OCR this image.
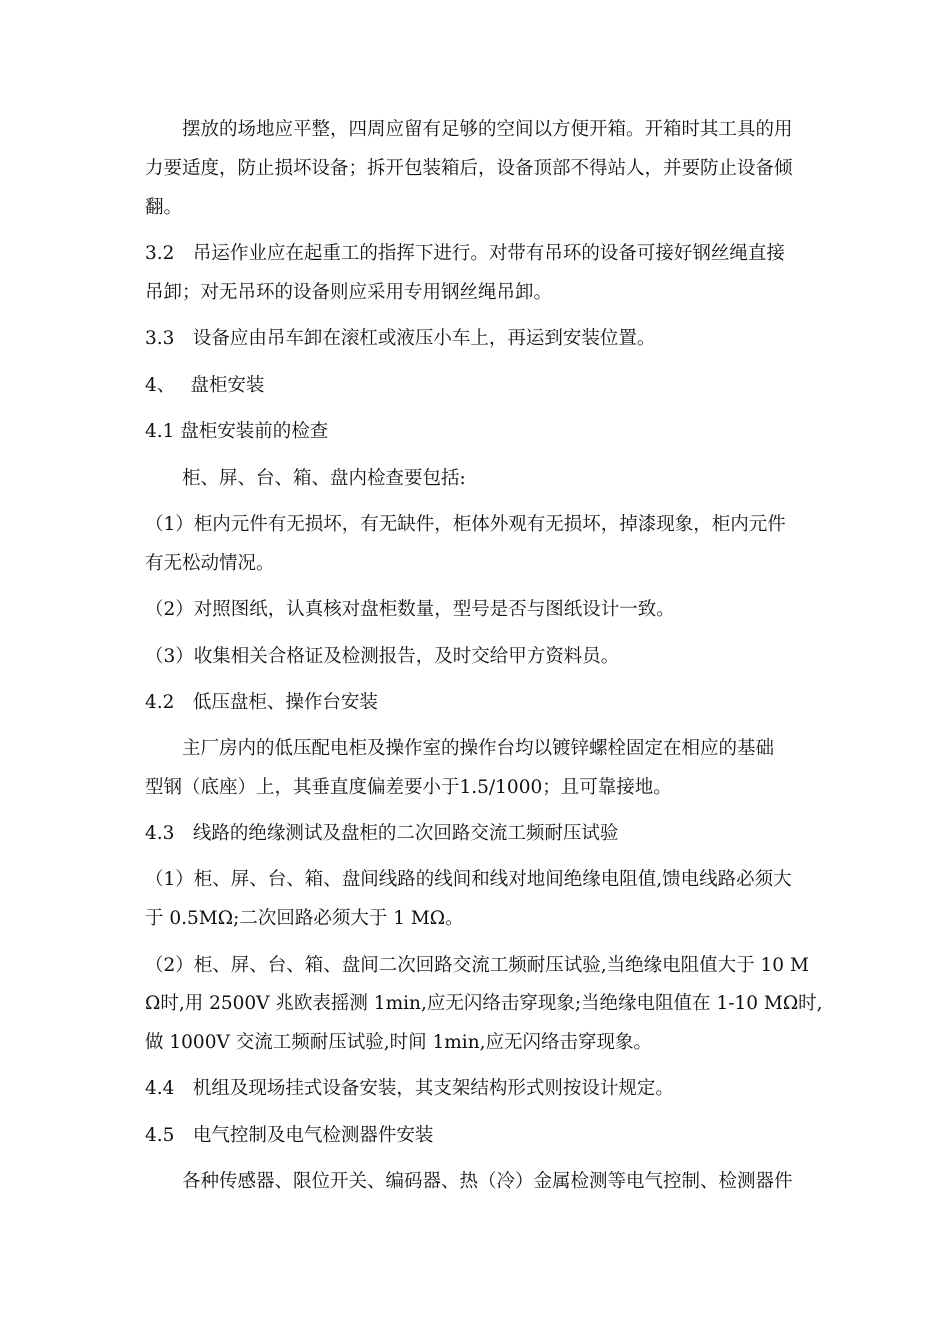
摆放的场地应平整，四周应留有足够的空间以方便开箱。开箱时其工具的用
力要适度，防止损坏设备；拆开包装箱后，设备顶部不得站人，并要防止设备倾
翻。
3.2　吊运作业应在起重工的指挥下进行。对带有吊环的设备可接好钢丝绳直接
吊卸；对无吊环的设备则应采用专用钢丝绳吊卸。
3.3　设备应由吊车卸在滚杠或液压小车上，再运到安装位置。
4、　 盘柜安装
4.1 盘柜安装前的检查
柜、屏、台、箱、盘内检查要包括:
（1）柜内元件有无损坏，有无缺件，柜体外观有无损坏，掉漆现象，柜内元件
有无松动情况。
（2）对照图纸，认真核对盘柜数量，型号是否与图纸设计一致。
（3）收集相关合格证及检测报告，及时交给甲方资料员。
4.2　低压盘柜、操作台安装
主厂房内的低压配电柜及操作室的操作台均以镀锌螺栓固定在相应的基础
型钢（底座）上，其垂直度偏差要小于1.5/1000；且可靠接地。
4.3　线路的绝缘测试及盘柜的二次回路交流工频耐压试验
（1）柜、屏、台、箱、盘间线路的线间和线对地间绝缘电阻值,馈电线路必须大
于 0.5MΩ;二次回路必须大于 1 MΩ。
（2）柜、屏、台、箱、盘间二次回路交流工频耐压试验,当绝缘电阻值大于 10 M
Ω时,用 2500V 兆欧表摇测 1min,应无闪络击穿现象;当绝缘电阻值在 1-10 MΩ时,
做 1000V 交流工频耐压试验,时间 1min,应无闪络击穿现象。
4.4　机组及现场挂式设备安装，其支架结构形式则按设计规定。
4.5　电气控制及电气检测器件安装
各种传感器、限位开关、编码器、热（冷）金属检测等电气控制、检测器件
